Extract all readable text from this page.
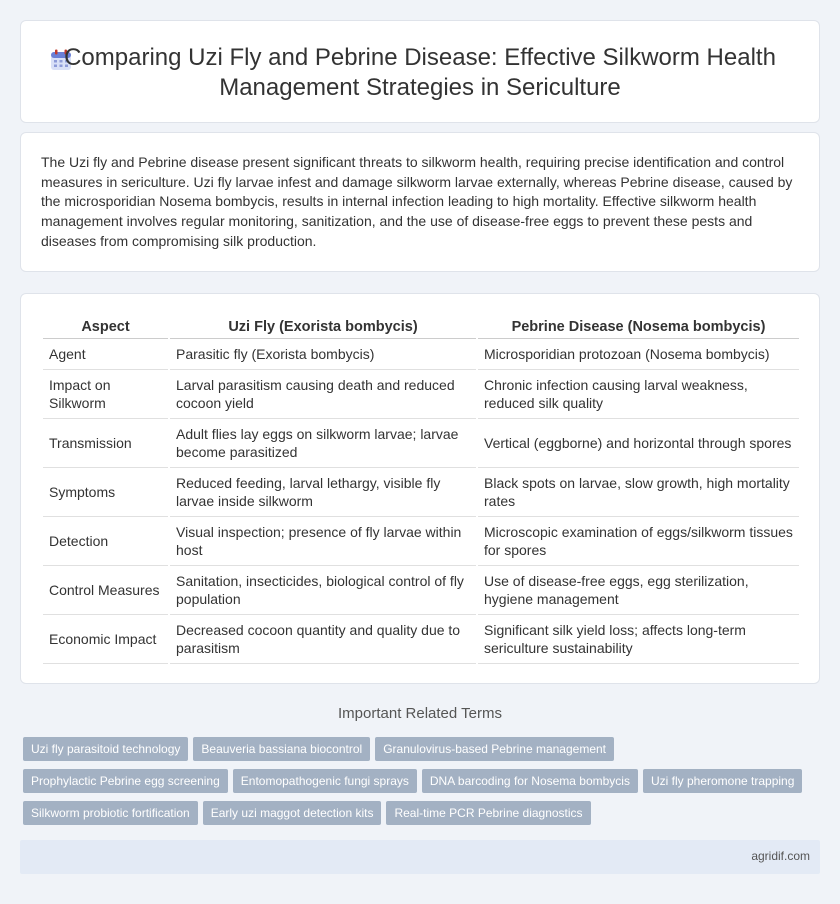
Comparing Uzi Fly and Pebrine Disease: Effective Silkworm Health Management Strategies in Sericulture

The Uzi fly and Pebrine disease present significant threats to silkworm health, requiring precise identification and control measures in sericulture. Uzi fly larvae infest and damage silkworm larvae externally, whereas Pebrine disease, caused by the microsporidian Nosema bombycis, results in internal infection leading to high mortality. Effective silkworm health management involves regular monitoring, sanitization, and the use of disease-free eggs to prevent these pests and diseases from compromising silk production.

Aspect	Uzi Fly (Exorista bombycis)	Pebrine Disease (Nosema bombycis)
Agent	Parasitic fly (Exorista bombycis)	Microsporidian protozoan (Nosema bombycis)
Impact on Silkworm	Larval parasitism causing death and reduced cocoon yield	Chronic infection causing larval weakness, reduced silk quality
Transmission	Adult flies lay eggs on silkworm larvae; larvae become parasitized	Vertical (eggborne) and horizontal through spores
Symptoms	Reduced feeding, larval lethargy, visible fly larvae inside silkworm	Black spots on larvae, slow growth, high mortality rates
Detection	Visual inspection; presence of fly larvae within host	Microscopic examination of eggs/silkworm tissues for spores
Control Measures	Sanitation, insecticides, biological control of fly population	Use of disease-free eggs, egg sterilization, hygiene management
Economic Impact	Decreased cocoon quantity and quality due to parasitism	Significant silk yield loss; affects long-term sericulture sustainability
Important Related Terms
Uzi fly parasitoid technology Beauveria bassiana biocontrol Granulovirus-based Pebrine management
Prophylactic Pebrine egg screening Entomopathogenic fungi sprays DNA barcoding for Nosema bombycis Uzi fly pheromone trapping
Silkworm probiotic fortification Early uzi maggot detection kits Real-time PCR Pebrine diagnostics
agridif.com
